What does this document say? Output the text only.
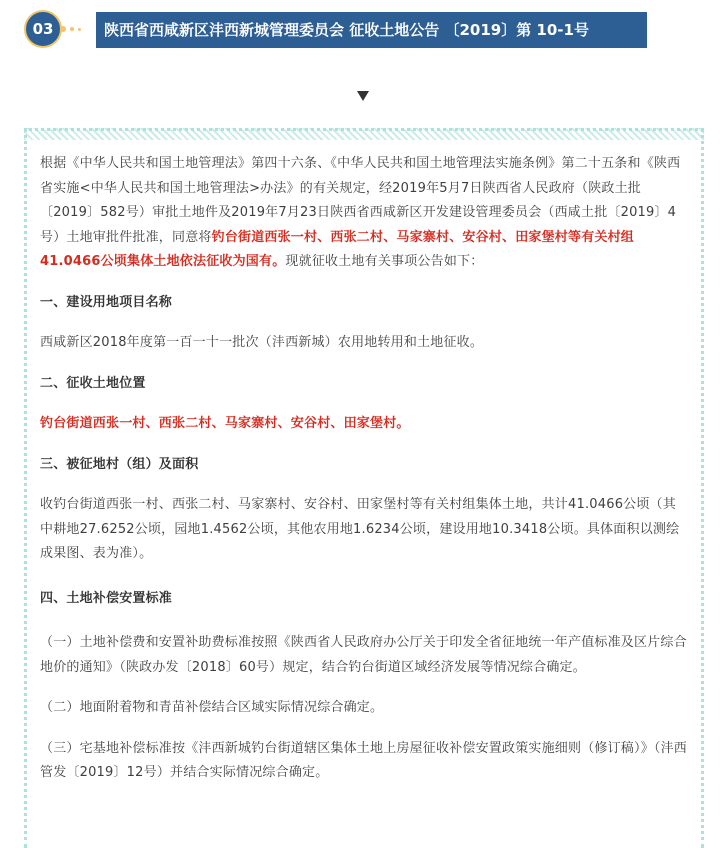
03	陕西省西咸新区沣西新城管理委员会 征收土地公告 〔2019〕第 10-1号

根据《中华人民共和国土地管理法》第四十六条、《中华人民共和国土地管理法实施条例》第二十五条和《陕西省实施<中华人民共和国土地管理法>办法》的有关规定，经2019年5月7日陕西省人民政府（陕政土批〔2019〕582号）审批土地件及2019年7月23日陕西省西咸新区开发建设管理委员会（西咸土批〔2019〕4号）土地审批件批准，同意将钓台街道西张一村、西张二村、马家寨村、安谷村、田家堡村等有关村组41.0466公顷集体土地依法征收为国有。现就征收土地有关事项公告如下：

一、建设用地项目名称

西咸新区2018年度第一百一十一批次（沣西新城）农用地转用和土地征收。

二、征收土地位置

钓台街道西张一村、西张二村、马家寨村、安谷村、田家堡村。

三、被征地村（组）及面积

收钓台街道西张一村、西张二村、马家寨村、安谷村、田家堡村等有关村组集体土地，共计41.0466公顷（其中耕地27.6252公顷，园地1.4562公顷，其他农用地1.6234公顷，建设用地10.3418公顷。具体面积以测绘成果图、表为准）。

四、土地补偿安置标准

（一）土地补偿费和安置补助费标准按照《陕西省人民政府办公厅关于印发全省征地统一年产值标准及区片综合地价的通知》（陕政办发〔2018〕60号）规定，结合钓台街道区域经济发展等情况综合确定。

（二）地面附着物和青苗补偿结合区域实际情况综合确定。

（三）宅基地补偿标准按《沣西新城钓台街道辖区集体土地上房屋征收补偿安置政策实施细则（修订稿）》（沣西管发〔2019〕12号）并结合实际情况综合确定。
